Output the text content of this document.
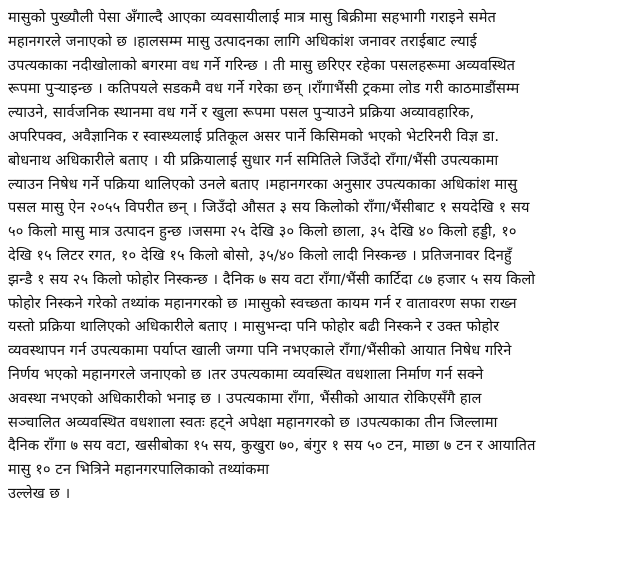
मासुको पुख्यौली पेसा अँगाल्दै आएका व्यवसायीलाई मात्र मासु बिक्रीमा सहभागी गराइने समेत
महानगरले जनाएको छ ।हालसम्म मासु उत्पादनका लागि अधिकांश जनावर तराईबाट ल्याई
उपत्यकाका नदीखोलाको बगरमा वध गर्ने गरिन्छ । ती मासु छरिएर रहेका पसलहरूमा अव्यवस्थित
रूपमा पुऱ्याइन्छ । कतिपयले सडकमै वध गर्ने गरेका छन् ।राँगाभैंसी ट्रकमा लोड गरी काठमाडौंसम्म
ल्याउने, सार्वजनिक स्थानमा वध गर्ने र खुला रूपमा पसल पुऱ्याउने प्रक्रिया अव्यावहारिक,
अपरिपक्व, अवैज्ञानिक र स्वास्थ्यलाई प्रतिकूल असर पार्ने किसिमको भएको भेटरिनरी विज्ञ डा.
बोधनाथ अधिकारीले बताए । यी प्रक्रियालाई सुधार गर्न समितिले जिउँदो राँगा/भैंसी उपत्यकामा
ल्याउन निषेध गर्ने पक्रिया थालिएको उनले बताए ।महानगरका अनुसार उपत्यकाका अधिकांश मासु
पसल मासु ऐन २०५५ विपरीत छन् । जिउँदो औसत ३ सय किलोको राँगा/भैंसीबाट १ सयदेखि १ सय
५० किलो मासु मात्र उत्पादन हुन्छ ।जसमा २५ देखि ३० किलो छाला, ३५ देखि ४० किलो हड्डी, १०
देखि १५ लिटर रगत, १० देखि १५ किलो बोसो, ३५/४० किलो लादी निस्कन्छ । प्रतिजनावर दिनहुँ
झन्डै १ सय २५ किलो फोहोर निस्कन्छ । दैनिक ७ सय वटा राँगा/भैंसी कार्टिदा ८७ हजार ५ सय किलो
फोहोर निस्कने गरेको तथ्यांक महानगरको छ ।मासुको स्वच्छता कायम गर्न र वातावरण सफा राख्न
यस्तो प्रक्रिया थालिएको अधिकारीले बताए । मासुभन्दा पनि फोहोर बढी निस्कने र उक्त फोहोर
व्यवस्थापन गर्न उपत्यकामा पर्याप्त खाली जग्गा पनि नभएकाले राँगा/भैंसीको आयात निषेध गरिने
निर्णय भएको महानगरले जनाएको छ ।तर उपत्यकामा व्यवस्थित वधशाला निर्माण गर्न सक्ने
अवस्था नभएको अधिकारीको भनाइ छ । उपत्यकामा राँगा, भैंसीको आयात रोकिएसँगै हाल
सञ्चालित अव्यवस्थित वधशाला स्वतः हट्ने अपेक्षा महानगरको छ ।उपत्यकाका तीन जिल्लामा
दैनिक राँगा ७ सय वटा, खसीबोका १५ सय, कुखुरा ७०, बंगुर १ सय ५० टन, माछा ७ टन र आयातित
मासु १० टन भित्रिने महानगरपालिकाको तथ्यांकमा
उल्लेख छ ।
